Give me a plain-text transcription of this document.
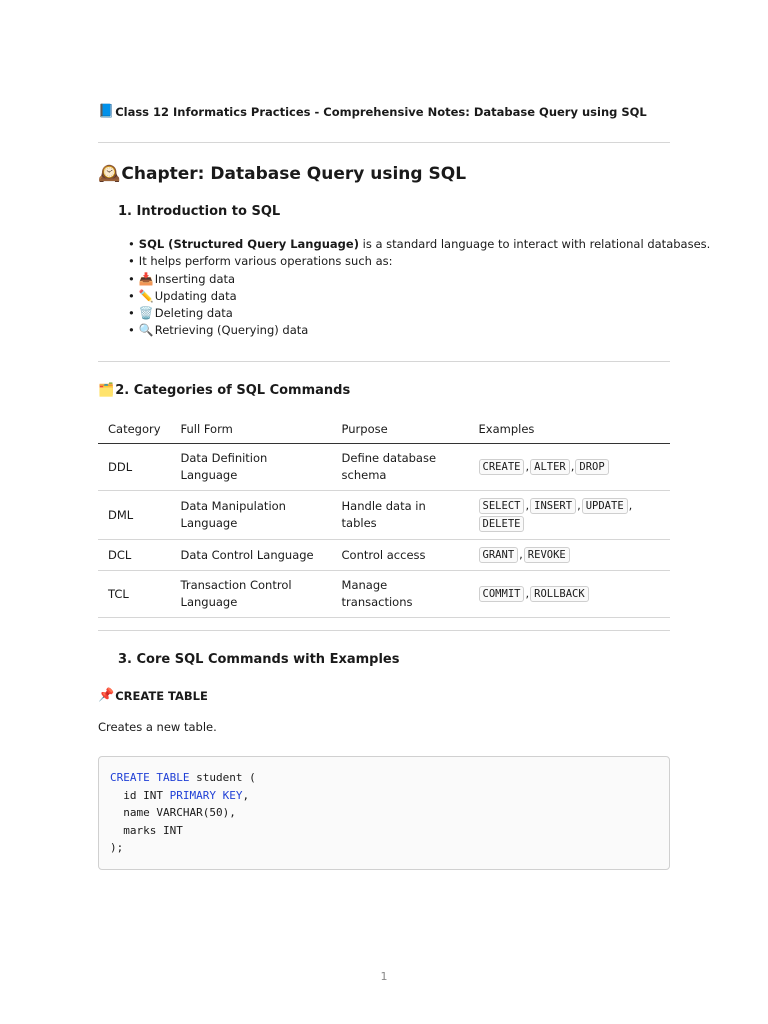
📘 Class 12 Informatics Practices - Comprehensive Notes: Database Query using SQL
🕰️ Chapter: Database Query using SQL
1. Introduction to SQL
• SQL (Structured Query Language) is a standard language to interact with relational databases.
• It helps perform various operations such as:
• 📥 Inserting data
• ✏️ Updating data
• 🗑️ Deleting data
• 🔍 Retrieving (Querying) data
🗂️ 2. Categories of SQL Commands
Category	Full Form	Purpose	Examples
DDL	Data Definition Language	Define database schema	CREATE , ALTER , DROP
DML	Data Manipulation Language	Handle data in tables	SELECT , INSERT , UPDATE ,
DELETE
DCL	Data Control Language	Control access	GRANT , REVOKE
TCL	Transaction Control Language	Manage transactions	COMMIT , ROLLBACK
3. Core SQL Commands with Examples
📌 CREATE TABLE
Creates a new table.
CREATE TABLE student (
id INT PRIMARY KEY,
name VARCHAR(50),
marks INT
);
1
